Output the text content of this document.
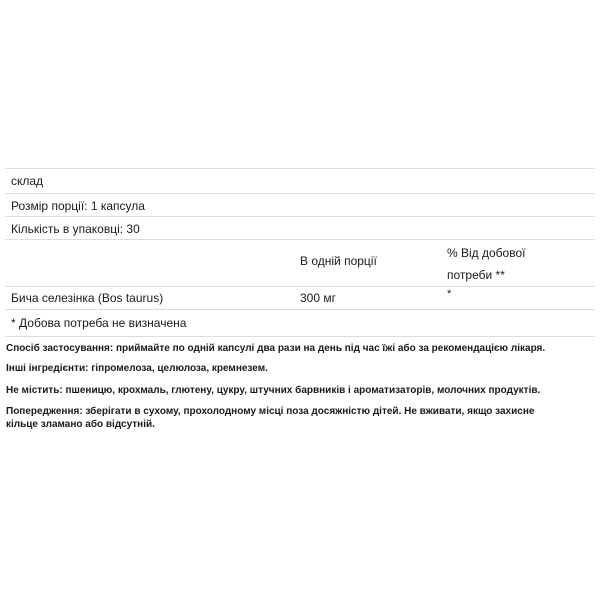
склад
Розмір порції: 1 капсула
Кількість в упаковці: 30
В одній порції
% Від добової
потреби **
Бича селезінка (Bos taurus)	300 мг	*
* Добова потреба не визначена

Спосіб застосування: приймайте по одній капсулі два рази на день під час їжі або за рекомендацією лікаря.

Інші інгредієнти: гіпромелоза, целюлоза, кремнезем.

Не містить: пшеницю, крохмаль, глютену, цукру, штучних барвників і ароматизаторів, молочних продуктів.

Попередження: зберігати в сухому, прохолодному місці поза досяжністю дітей. Не вживати, якщо захисне кільце зламано або відсутній.
